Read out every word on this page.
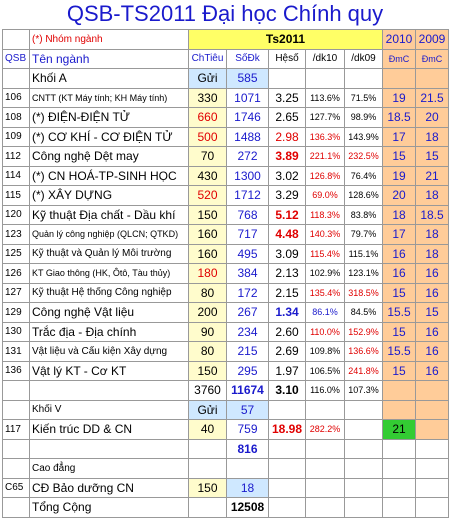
QSB-TS2011 Đại học Chính quy
	(*) Nhóm ngành	Ts2011					2010	2009
QSB	Tên ngành	ChTiêu	SốĐk	Hệsố	/dk10	/dk09	ĐmC	ĐmC
	Khối A	Gửi	585					
106	CNTT (KT Máy tính; KH Máy tính)	330	1071	3.25	113.6%	71.5%	19	21.5
108	(*) ĐIỆN-ĐIỆN TỬ	660	1746	2.65	127.7%	98.9%	18.5	20
109	(*) CƠ KHÍ - CƠ ĐIỆN TỬ	500	1488	2.98	136.3%	143.9%	17	18
112	Công nghệ Dệt may	70	272	3.89	221.1%	232.5%	15	15
114	(*) CN HOÁ-TP-SINH HỌC	430	1300	3.02	126.8%	76.4%	19	21
115	(*) XÂY DỰNG	520	1712	3.29	69.0%	128.6%	20	18
120	Kỹ thuật Địa chất - Dầu khí	150	768	5.12	118.3%	83.8%	18	18.5
123	Quản lý công nghiệp (QLCN; QTKD)	160	717	4.48	140.3%	79.7%	17	18
125	Kỹ thuật và Quản lý Môi trường	160	495	3.09	115.4%	115.1%	16	18
126	KT Giao thông (HK, Ôtô, Tàu thủy)	180	384	2.13	102.9%	123.1%	16	16
127	Kỹ thuật Hệ thống Công nghiệp	80	172	2.15	135.4%	318.5%	15	16
129	Công nghệ Vật liệu	200	267	1.34	86.1%	84.5%	15.5	15
130	Trắc địa - Địa chính	90	234	2.60	110.0%	152.9%	15	16
131	Vật liệu và Cấu kiện Xây dựng	80	215	2.69	109.8%	136.6%	15.5	16
136	Vật lý KT - Cơ KT	150	295	1.97	106.5%	241.8%	15	16
		3760	11674	3.10	116.0%	107.3%		
	Khối V	Gửi	57					
117	Kiến trúc DD & CN	40	759	18.98	282.2%		21	
			816					
	Cao đẳng							
C65	CĐ Bảo dưỡng CN	150	18					
	Tổng Cộng		12508					
